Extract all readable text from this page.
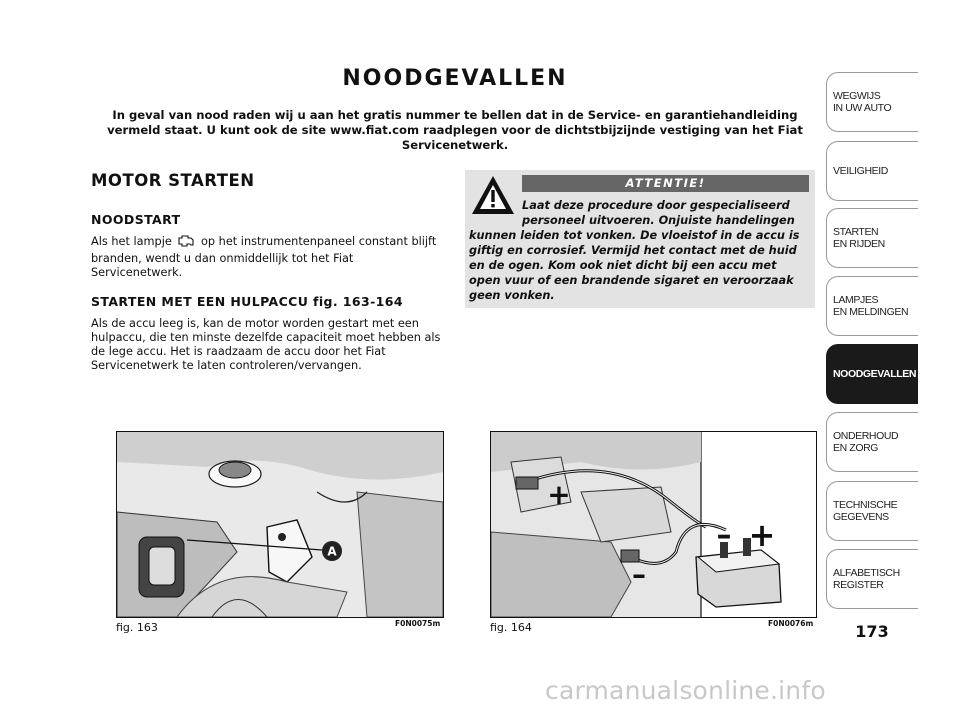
NOODGEVALLEN
In geval van nood raden wij u aan het gratis nummer te bellen dat in de Service- en garantiehandleiding vermeld staat. U kunt ook de site www.fiat.com raadplegen voor de dichtstbijzijnde vestiging van het Fiat Servicenetwerk.
MOTOR STARTEN
NOODSTART
Als het lampje	op het instrumentenpaneel constant blijft branden, wendt u dan onmiddellijk tot het Fiat Servicenetwerk.
STARTEN MET EEN HULPACCU fig. 163-164
Als de accu leeg is, kan de motor worden gestart met een hulpaccu, die ten minste dezelfde capaciteit moet hebben als de lege accu. Het is raadzaam de accu door het Fiat Servicenetwerk te laten controleren/vervangen.
ATTENTIE!
Laat deze procedure door gespecialiseerd personeel uitvoeren. Onjuiste handelingen kunnen leiden tot vonken. De vloeistof in de accu is giftig en corrosief. Vermijd het contact met de huid en de ogen. Kom ook niet dicht bij een accu met open vuur of een brandende sigaret en veroorzaak geen vonken.
A
fig. 163	F0N0075m
+
–
– +
fig. 164	F0N0076m
WEGWIJS
IN UW AUTO
VEILIGHEID
STARTEN
EN RIJDEN
LAMPJES
EN MELDINGEN
NOODGEVALLEN
ONDERHOUD
EN ZORG
TECHNISCHE
GEGEVENS
ALFABETISCH
REGISTER
173
carmanualsonline.info
